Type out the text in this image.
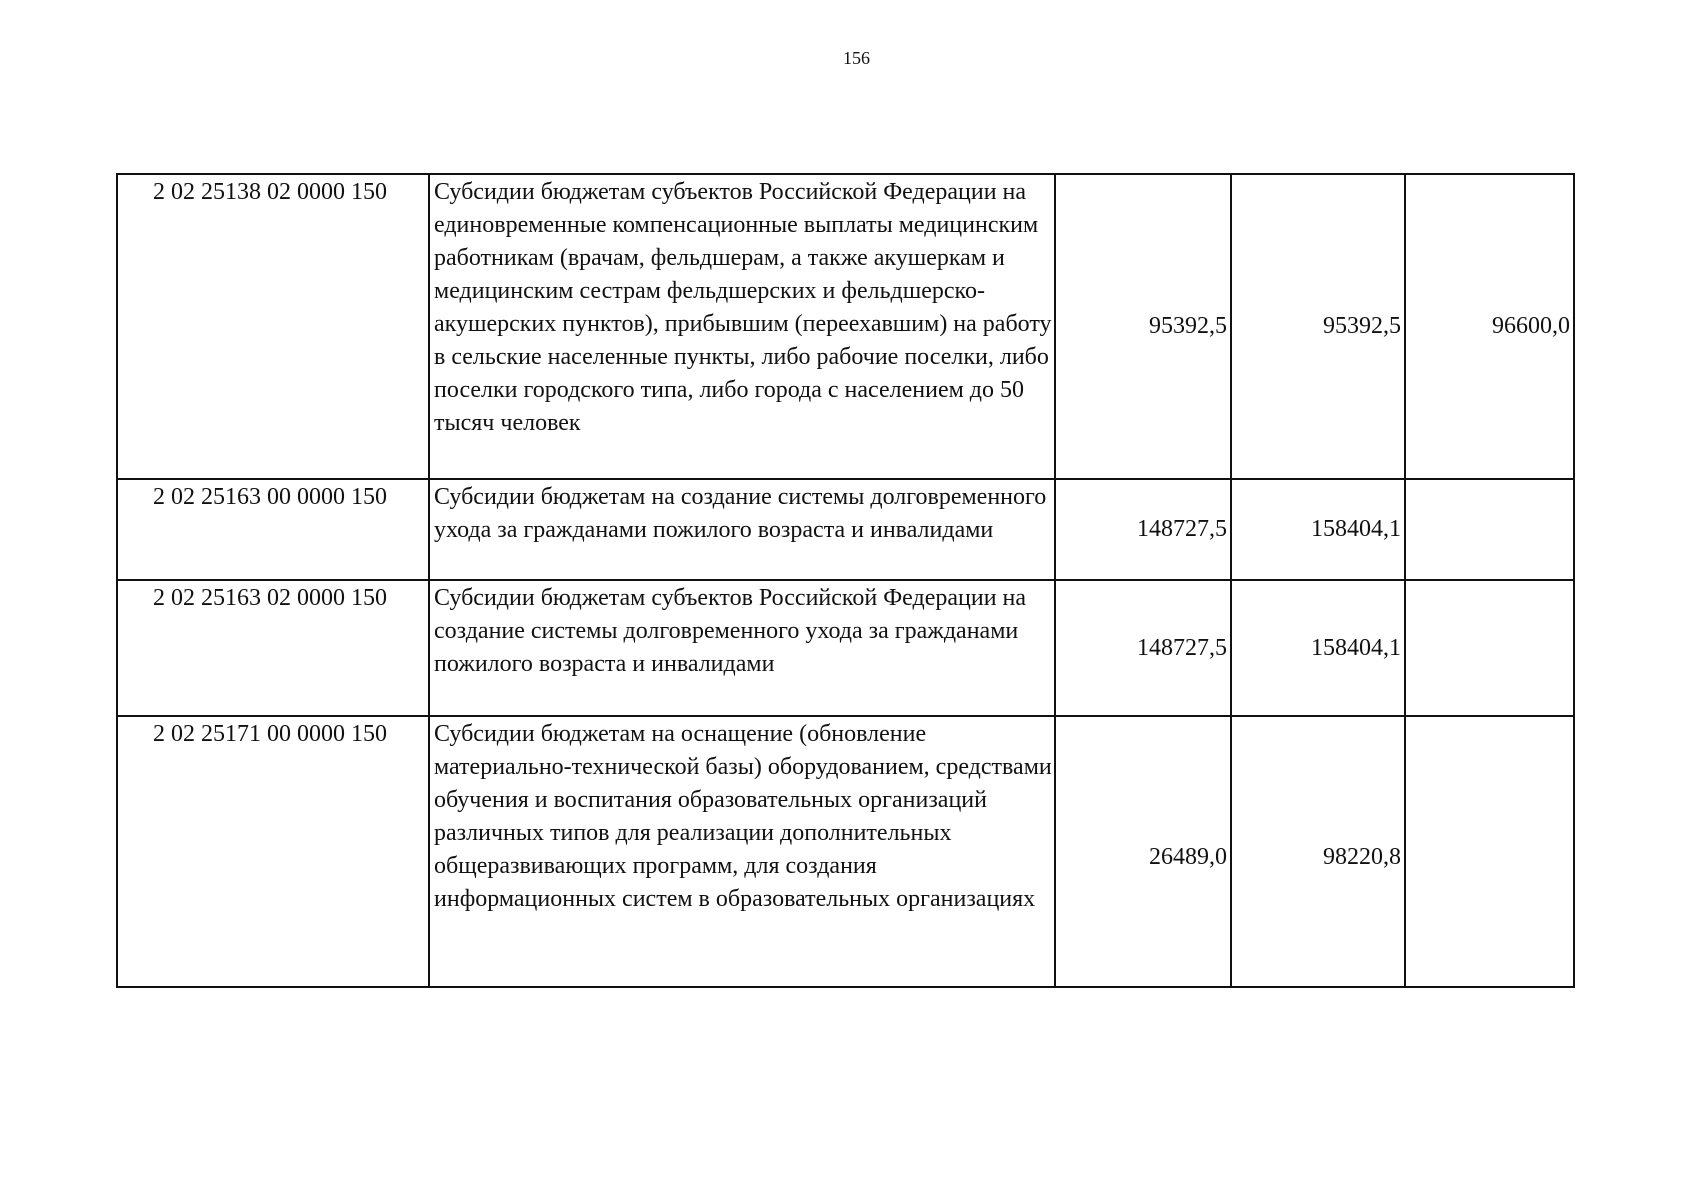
156
2 02 25138 02 0000 150	Субсидии бюджетам субъектов Российской Федерации на единовременные компенсационные выплаты медицинским работникам (врачам, фельдшерам, а также акушеркам и медицинским сестрам фельдшерских и фельдшерско-акушерских пунктов), прибывшим (переехавшим) на работу в сельские населенные пункты, либо рабочие поселки, либо поселки городского типа, либо города с населением до 50 тысяч человек	95392,5	95392,5	96600,0
2 02 25163 00 0000 150	Субсидии бюджетам на создание системы долговременного ухода за гражданами пожилого возраста и инвалидами	148727,5	158404,1	
2 02 25163 02 0000 150	Субсидии бюджетам субъектов Российской Федерации на создание системы долговременного ухода за гражданами пожилого возраста и инвалидами	148727,5	158404,1	
2 02 25171 00 0000 150	Субсидии бюджетам на оснащение (обновление материально-технической базы) оборудованием, средствами обучения и воспитания образовательных организаций различных типов для реализации дополнительных общеразвивающих программ, для создания информационных систем в образовательных организациях	26489,0	98220,8	
